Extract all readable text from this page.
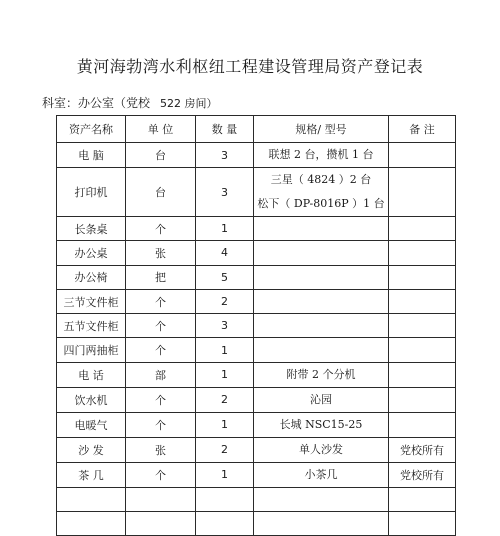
黄河海勃湾水利枢纽工程建设管理局资产登记表
科室：办公室（党校 522 房间）
资产名称	单 位	数 量	规格/ 型号	备 注
电 脑	台	3	联想 2 台，攒机 1 台	

打印机	台	3	三星（ 4824 ）2 台
松下（ DP-8016P ）1 台	

长条桌	个	1	

办公桌	张	4	

办公椅	把	5	

三节文件柜	个	2	

五节文件柜	个	3	

四门两抽柜	个	1	

电 话	部	1	附带 2 个分机	

饮水机	个	2	沁园	

电暖气	个	1	长城 NSC15-25	

沙 发	张	2	单人沙发	党校所有
茶 几	个	1	小茶几	党校所有
